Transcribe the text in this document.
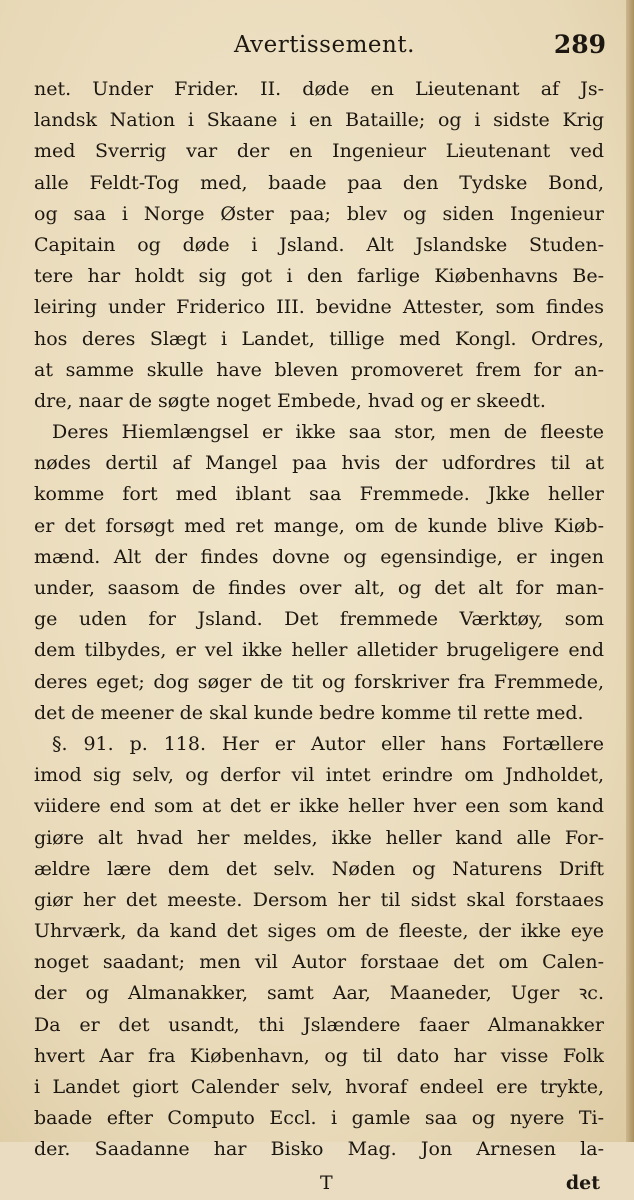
Avertissement.	289
net. Under Frider. II. døde en Lieutenant af Js-
landsk Nation i Skaane i en Bataille; og i sidste Krig
med Sverrig var der en Ingenieur Lieutenant ved
alle Feldt-Tog med, baade paa den Tydske Bond,
og saa i Norge Øster paa; blev og siden Ingenieur
Capitain og døde i Jsland. Alt Jslandske Studen-
tere har holdt sig got i den farlige Kiøbenhavns Be-
leiring under Friderico III. bevidne Attester, som findes
hos deres Slægt i Landet, tillige med Kongl. Ordres,
at samme skulle have bleven promoveret frem for an-
dre, naar de søgte noget Embede, hvad og er skeedt.
Deres Hiemlængsel er ikke saa stor, men de fleeste
nødes dertil af Mangel paa hvis der udfordres til at
komme fort med iblant saa Fremmede. Jkke heller
er det forsøgt med ret mange, om de kunde blive Kiøb-
mænd. Alt der findes dovne og egensindige, er ingen
under, saasom de findes over alt, og det alt for man-
ge uden for Jsland. Det fremmede Værktøy, som
dem tilbydes, er vel ikke heller alletider brugeligere end
deres eget; dog søger de tit og forskriver fra Fremmede,
det de meener de skal kunde bedre komme til rette med.
§. 91. p. 118. Her er Autor eller hans Fortællere
imod sig selv, og derfor vil intet erindre om Jndholdet,
viidere end som at det er ikke heller hver een som kand
giøre alt hvad her meldes, ikke heller kand alle For-
ældre lære dem det selv. Nøden og Naturens Drift
giør her det meeste. Dersom her til sidst skal forstaaes
Uhrværk, da kand det siges om de fleeste, der ikke eye
noget saadant; men vil Autor forstaae det om Calen-
der og Almanakker, samt Aar, Maaneder, Uger ꝛc.
Da er det usandt, thi Jslændere faaer Almanakker
hvert Aar fra Kiøbenhavn, og til dato har visse Folk
i Landet giort Calender selv, hvoraf endeel ere trykte,
baade efter Computo Eccl. i gamle saa og nyere Ti-
der. Saadanne har Bisko Mag. Jon Arnesen la-
T	det
